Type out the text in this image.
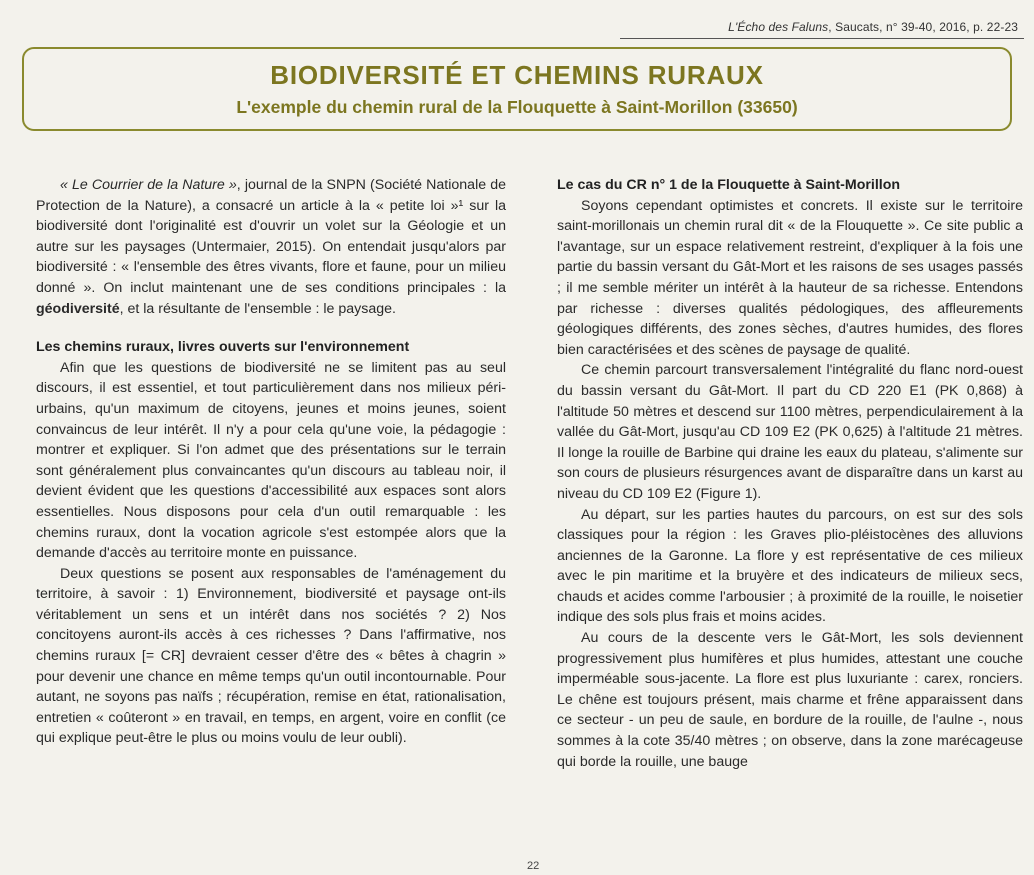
L'Écho des Faluns, Saucats, n° 39-40, 2016, p. 22-23
BIODIVERSITÉ ET CHEMINS RURAUX
L'exemple du chemin rural de la Flouquette à Saint-Morillon (33650)

« Le Courrier de la Nature », journal de la SNPN (Société Nationale de Protection de la Nature), a consacré un article à la « petite loi »¹ sur la biodiversité dont l'originalité est d'ouvrir un volet sur la Géologie et un autre sur les paysages (Untermaier, 2015). On entendait jusqu'alors par biodiversité : « l'ensemble des êtres vivants, flore et faune, pour un milieu donné ». On inclut maintenant une de ses conditions principales : la géodiversité, et la résultante de l'ensemble : le paysage.

Les chemins ruraux, livres ouverts sur l'environnement

Afin que les questions de biodiversité ne se limitent pas au seul discours, il est essentiel, et tout particulièrement dans nos milieux péri-urbains, qu'un maximum de citoyens, jeunes et moins jeunes, soient convaincus de leur intérêt. Il n'y a pour cela qu'une voie, la pédagogie : montrer et expliquer. Si l'on admet que des présentations sur le terrain sont généralement plus convaincantes qu'un discours au tableau noir, il devient évident que les questions d'accessibilité aux espaces sont alors essentielles. Nous disposons pour cela d'un outil remarquable : les chemins ruraux, dont la vocation agricole s'est estompée alors que la demande d'accès au territoire monte en puissance.

Deux questions se posent aux responsables de l'aménagement du territoire, à savoir : 1) Environnement, biodiversité et paysage ont-ils véritablement un sens et un intérêt dans nos sociétés ? 2) Nos concitoyens auront-ils accès à ces richesses ? Dans l'affirmative, nos chemins ruraux [= CR] devraient cesser d'être des « bêtes à chagrin » pour devenir une chance en même temps qu'un outil incontournable. Pour autant, ne soyons pas naïfs ; récupération, remise en état, rationalisation, entretien « coûteront » en travail, en temps, en argent, voire en conflit (ce qui explique peut-être le plus ou moins voulu de leur oubli).

Le cas du CR n° 1 de la Flouquette à Saint-Morillon

Soyons cependant optimistes et concrets. Il existe sur le territoire saint-morillonais un chemin rural dit « de la Flouquette ». Ce site public a l'avantage, sur un espace relativement restreint, d'expliquer à la fois une partie du bassin versant du Gât-Mort et les raisons de ses usages passés ; il me semble mériter un intérêt à la hauteur de sa richesse. Entendons par richesse : diverses qualités pédologiques, des affleurements géologiques différents, des zones sèches, d'autres humides, des flores bien caractérisées et des scènes de paysage de qualité.

Ce chemin parcourt transversalement l'intégralité du flanc nord-ouest du bassin versant du Gât-Mort. Il part du CD 220 E1 (PK 0,868) à l'altitude 50 mètres et descend sur 1100 mètres, perpendiculairement à la vallée du Gât-Mort, jusqu'au CD 109 E2 (PK 0,625) à l'altitude 21 mètres. Il longe la rouille de Barbine qui draine les eaux du plateau, s'alimente sur son cours de plusieurs résurgences avant de disparaître dans un karst au niveau du CD 109 E2 (Figure 1).

Au départ, sur les parties hautes du parcours, on est sur des sols classiques pour la région : les Graves plio-pléistocènes des alluvions anciennes de la Garonne. La flore y est représentative de ces milieux avec le pin maritime et la bruyère et des indicateurs de milieux secs, chauds et acides comme l'arbousier ; à proximité de la rouille, le noisetier indique des sols plus frais et moins acides.

Au cours de la descente vers le Gât-Mort, les sols deviennent progressivement plus humifères et plus humides, attestant une couche imperméable sous-jacente. La flore est plus luxuriante : carex, ronciers. Le chêne est toujours présent, mais charme et frêne apparaissent dans ce secteur - un peu de saule, en bordure de la rouille, de l'aulne -, nous sommes à la cote 35/40 mètres ; on observe, dans la zone marécageuse qui borde la rouille, une bauge

22
